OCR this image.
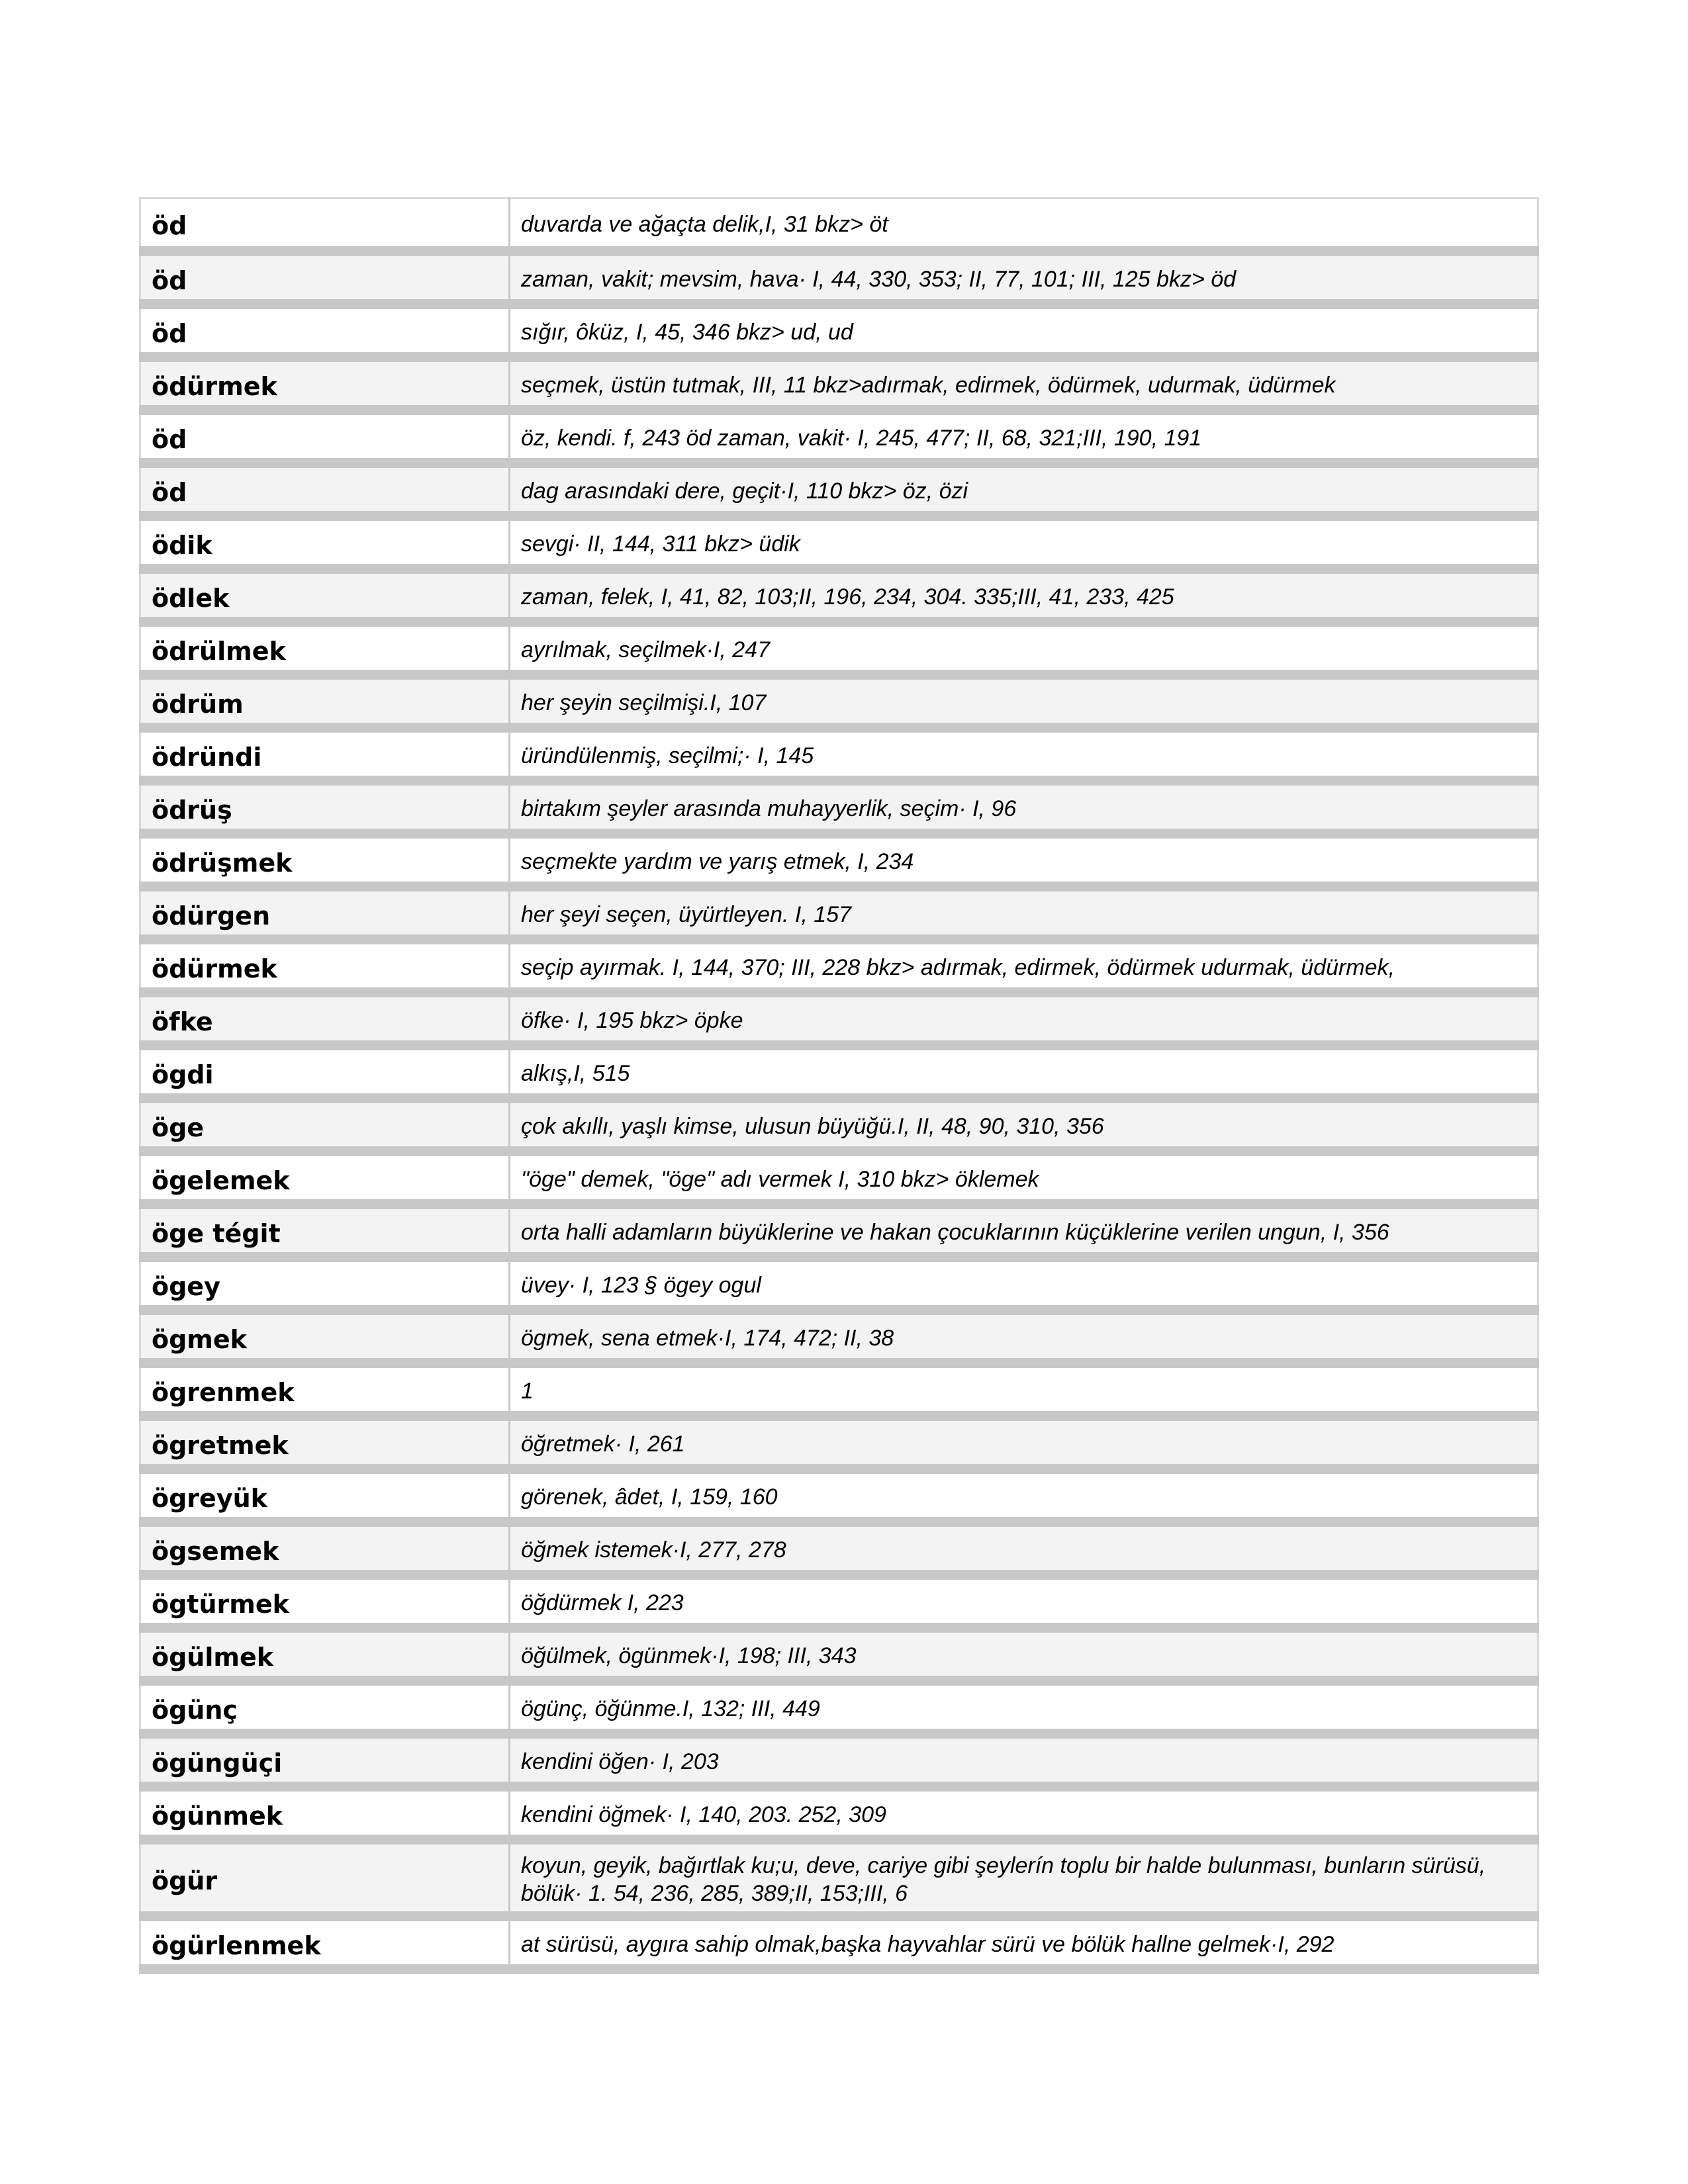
öd	duvarda ve ağaçta delik,I, 31 bkz> öt
öd	zaman, vakit; mevsim, hava· I, 44, 330, 353; II, 77, 101; III, 125 bkz> öd
öd	sığır, ôküz, I, 45, 346 bkz> ud, ud
ödürmek	seçmek, üstün tutmak, III, 11 bkz>adırmak, edirmek, ödürmek, udurmak, üdürmek
öd	öz, kendi. f, 243 öd zaman, vakit· I, 245, 477; II, 68, 321;III, 190, 191
öd	dag arasındaki dere, geçit·I, 110 bkz> öz, özi
ödik	sevgi· II, 144, 311 bkz> üdik
ödlek	zaman, felek, I, 41, 82, 103;II, 196, 234, 304. 335;III, 41, 233, 425
ödrülmek	ayrılmak, seçilmek·I, 247
ödrüm	her şeyin seçilmişi.I, 107
ödründi	üründülenmiş, seçilmi;· I, 145
ödrüş	birtakım şeyler arasında muhayyerlik, seçim· I, 96
ödrüşmek	seçmekte yardım ve yarış etmek, I, 234
ödürgen	her şeyi seçen, üyürtleyen. I, 157
ödürmek	seçip ayırmak. I, 144, 370; III, 228 bkz> adırmak, edirmek, ödürmek udurmak, üdürmek,
öfke	öfke· I, 195 bkz> öpke
ögdi	alkış,I, 515
öge	çok akıllı, yaşlı kimse, ulusun büyüğü.I, II, 48, 90, 310, 356
ögelemek	"öge" demek, "öge" adı vermek I, 310 bkz> öklemek
öge tégit	orta halli adamların büyüklerine ve hakan çocuklarının küçüklerine verilen ungun, I, 356
ögey	üvey· I, 123 § ögey ogul
ögmek	ögmek, sena etmek·I, 174, 472; II, 38
ögrenmek	1
ögretmek	öğretmek· I, 261
ögreyük	görenek, âdet, I, 159, 160
ögsemek	öğmek istemek·I, 277, 278
ögtürmek	öğdürmek I, 223
ögülmek	öğülmek, ögünmek·I, 198; III, 343
ögünç	ögünç, öğünme.I, 132; III, 449
ögüngüçi	kendini öğen· I, 203
ögünmek	kendini öğmek· I, 140, 203. 252, 309
ögür	koyun, geyik, bağırtlak ku;u, deve, cariye gibi şeylerín toplu bir halde bulunması, bunların sürüsü, bölük· 1. 54, 236, 285, 389;II, 153;III, 6
ögürlenmek	at sürüsü, aygıra sahip olmak,başka hayvahlar sürü ve bölük hallne gelmek·I, 292
